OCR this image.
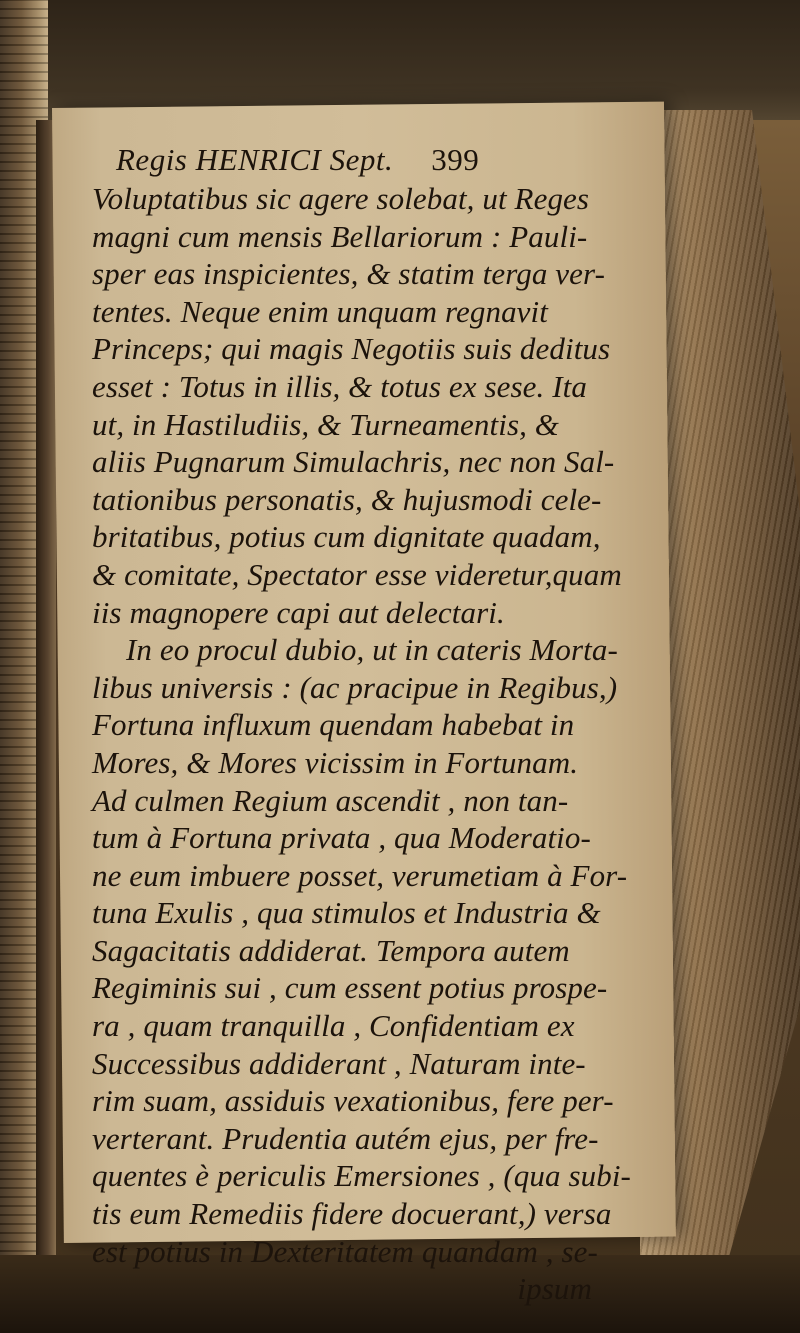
Regis HENRICI Sept. 399
Voluptatibus sic agere solebat, ut Reges
magni cum mensis Bellariorum : Pauli-
sper eas inspicientes, & statim terga ver-
tentes. Neque enim unquam regnavit
Princeps; qui magis Negotiis suis deditus
esset : Totus in illis, & totus ex sese. Ita
ut, in Hastiludiis, & Turneamentis, &
aliis Pugnarum Simulachris, nec non Sal-
tationibus personatis, & hujusmodi cele-
britatibus, potius cum dignitate quadam,
& comitate, Spectator esse videretur,quam
iis magnopere capi aut delectari.
In eo procul dubio, ut in cateris Morta-
libus universis : (ac pracipue in Regibus,)
Fortuna influxum quendam habebat in
Mores, & Mores vicissim in Fortunam.
Ad culmen Regium ascendit , non tan-
tum à Fortuna privata , qua Moderatio-
ne eum imbuere posset, verumetiam à For-
tuna Exulis , qua stimulos et Industria &
Sagacitatis addiderat. Tempora autem
Regiminis sui , cum essent potius prospe-
ra , quam tranquilla , Confidentiam ex
Successibus addiderant , Naturam inte-
rim suam, assiduis vexationibus, fere per-
verterant. Prudentia autém ejus, per fre-
quentes è periculis Emersiones , (qua subi-
tis eum Remediis fidere docuerant,) versa
est potius in Dexteritatem quandam , se-
ipsum
